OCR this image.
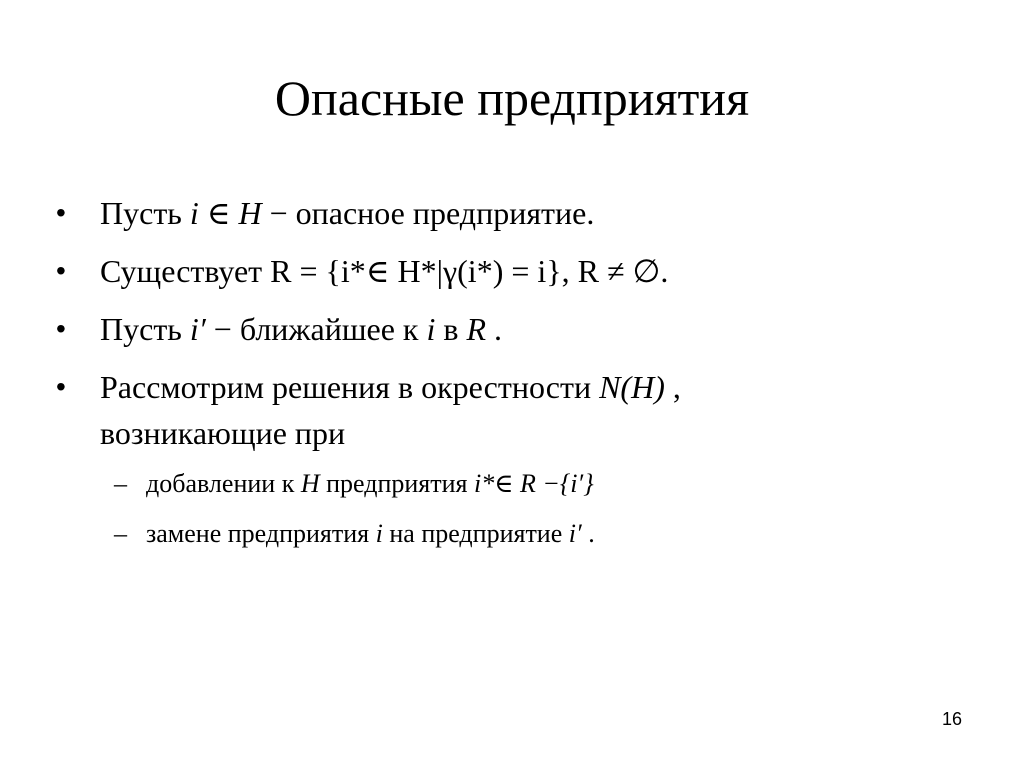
Опасные предприятия
• Пусть i ∈ H − опасное предприятие.
• Существует R = {i*∈ H*|γ(i*) = i}, R ≠ ∅.
• Пусть i′ − ближайшее к i в R .
• Рассмотрим решения в окрестности N(H) ,
возникающие при
– добавлении к H предприятия i*∈ R −{i′}
– замене предприятия i на предприятие i′ .
16
